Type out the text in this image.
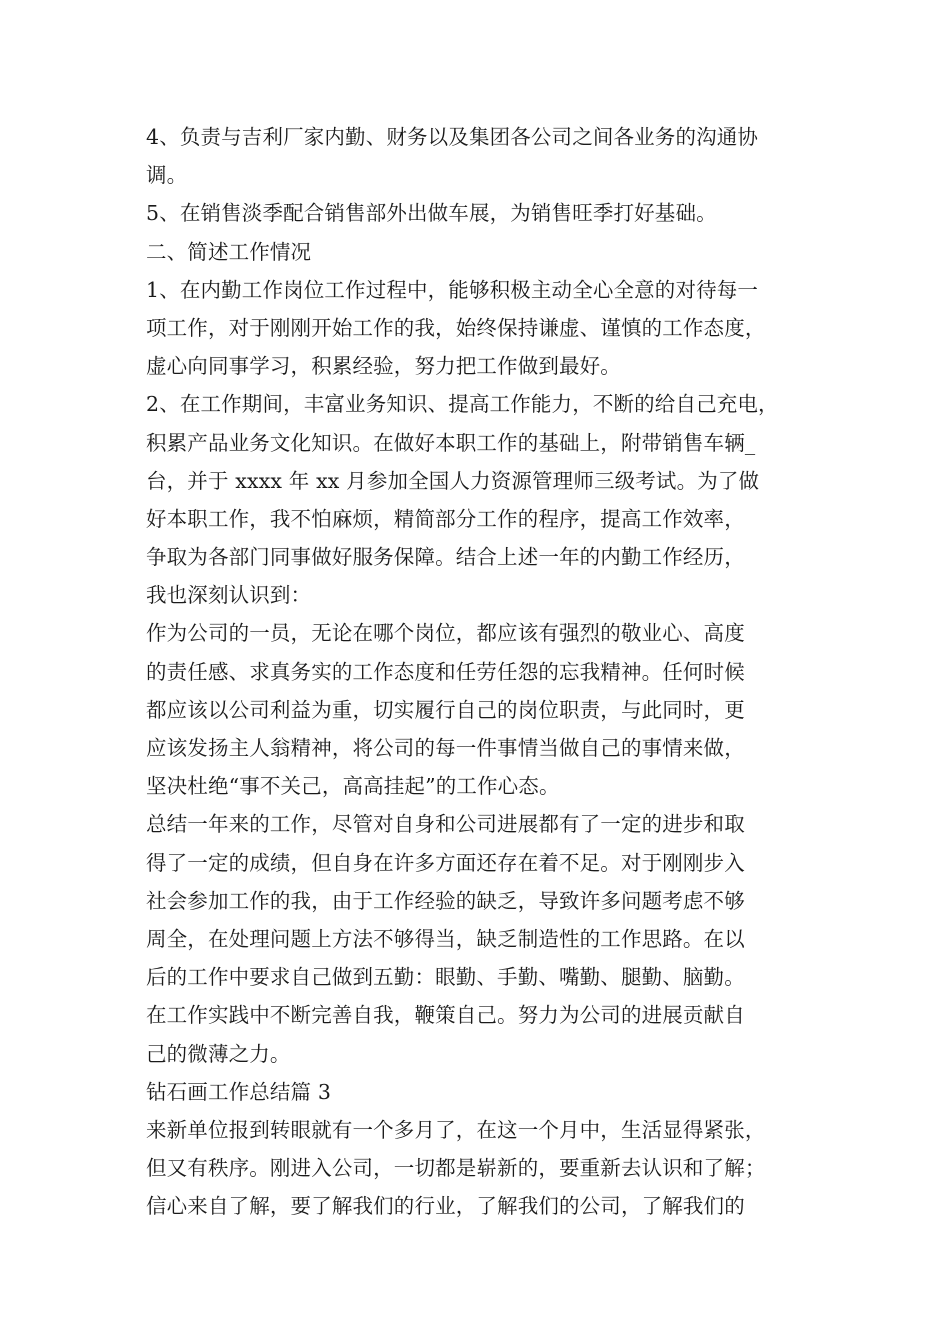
4、负责与吉利厂家内勤、财务以及集团各公司之间各业务的沟通协
调。
5、在销售淡季配合销售部外出做车展，为销售旺季打好基础。
二、简述工作情况
1、在内勤工作岗位工作过程中，能够积极主动全心全意的对待每一
项工作，对于刚刚开始工作的我，始终保持谦虚、谨慎的工作态度，
虚心向同事学习，积累经验，努力把工作做到最好。
2、在工作期间，丰富业务知识、提高工作能力，不断的给自己充电，
积累产品业务文化知识。在做好本职工作的基础上，附带销售车辆_
台，并于 xxxx 年 xx 月参加全国人力资源管理师三级考试。为了做
好本职工作，我不怕麻烦，精简部分工作的程序，提高工作效率，
争取为各部门同事做好服务保障。结合上述一年的内勤工作经历，
我也深刻认识到：
作为公司的一员，无论在哪个岗位，都应该有强烈的敬业心、高度
的责任感、求真务实的工作态度和任劳任怨的忘我精神。任何时候
都应该以公司利益为重，切实履行自己的岗位职责，与此同时，更
应该发扬主人翁精神，将公司的每一件事情当做自己的事情来做，
坚决杜绝“事不关己，高高挂起”的工作心态。
总结一年来的工作，尽管对自身和公司进展都有了一定的进步和取
得了一定的成绩，但自身在许多方面还存在着不足。对于刚刚步入
社会参加工作的我，由于工作经验的缺乏，导致许多问题考虑不够
周全，在处理问题上方法不够得当，缺乏制造性的工作思路。在以
后的工作中要求自己做到五勤：眼勤、手勤、嘴勤、腿勤、脑勤。
在工作实践中不断完善自我，鞭策自己。努力为公司的进展贡献自
己的微薄之力。
钻石画工作总结篇 3
来新单位报到转眼就有一个多月了，在这一个月中，生活显得紧张，
但又有秩序。刚进入公司，一切都是崭新的，要重新去认识和了解；
信心来自了解，要了解我们的行业，了解我们的公司，了解我们的
